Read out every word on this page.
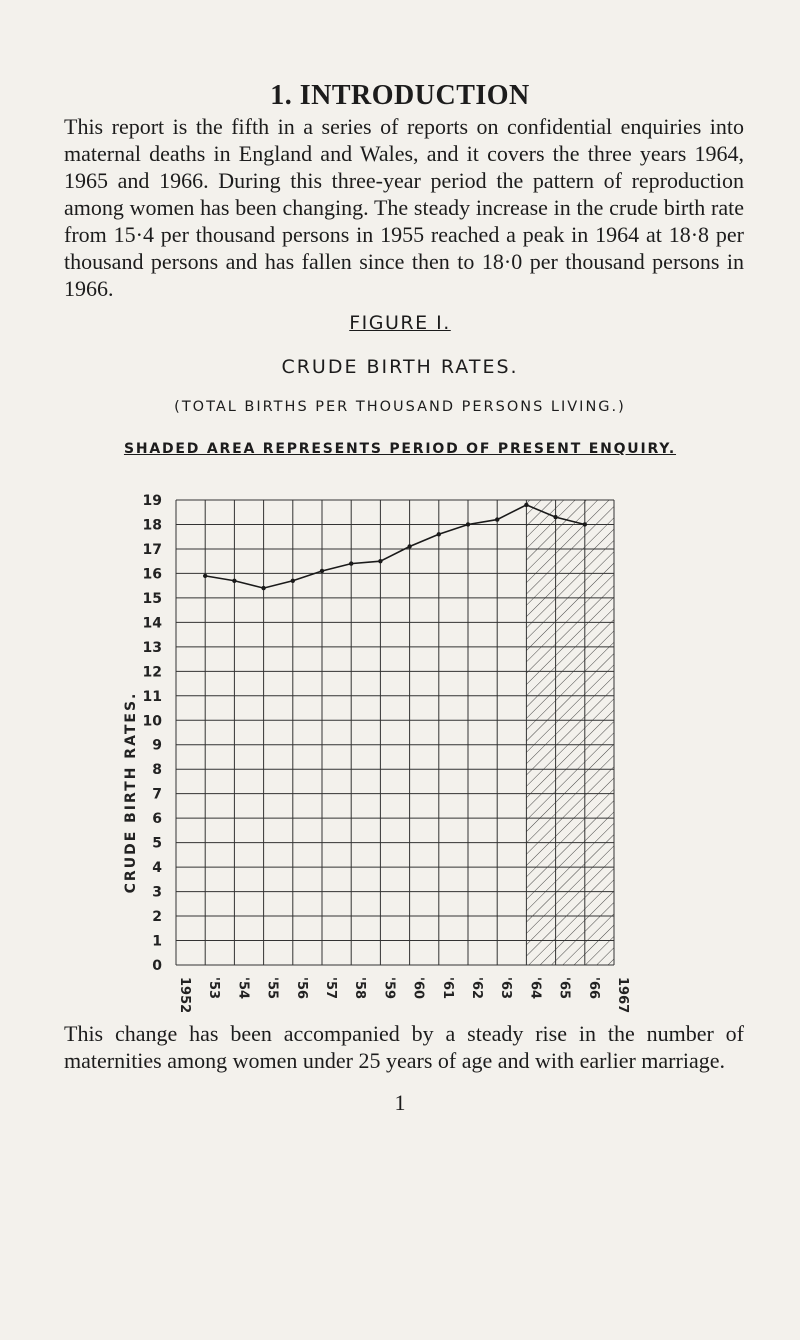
1. INTRODUCTION
This report is the fifth in a series of reports on confidential enquiries into maternal deaths in England and Wales, and it covers the three years 1964, 1965 and 1966. During this three-year period the pattern of reproduction among women has been changing. The steady increase in the crude birth rate from 15·4 per thousand persons in 1955 reached a peak in 1964 at 18·8 per thousand persons and has fallen since then to 18·0 per thousand persons in 1966.
FIGURE I.
CRUDE BIRTH RATES.
(TOTAL BIRTHS PER THOUSAND PERSONS LIVING.)
SHADED AREA REPRESENTS PERIOD OF PRESENT ENQUIRY.
0
1
2
3
4
5
6
7
8
9
10
11
12
13
14
15
16
17
18
19
1952 '53 '54 '55 '56 '57 '58 '59 '60 '61 '62 '63 '64 '65 '66 1967
CRUDE BIRTH RATES.
This change has been accompanied by a steady rise in the number of maternities among women under 25 years of age and with earlier marriage.
1
